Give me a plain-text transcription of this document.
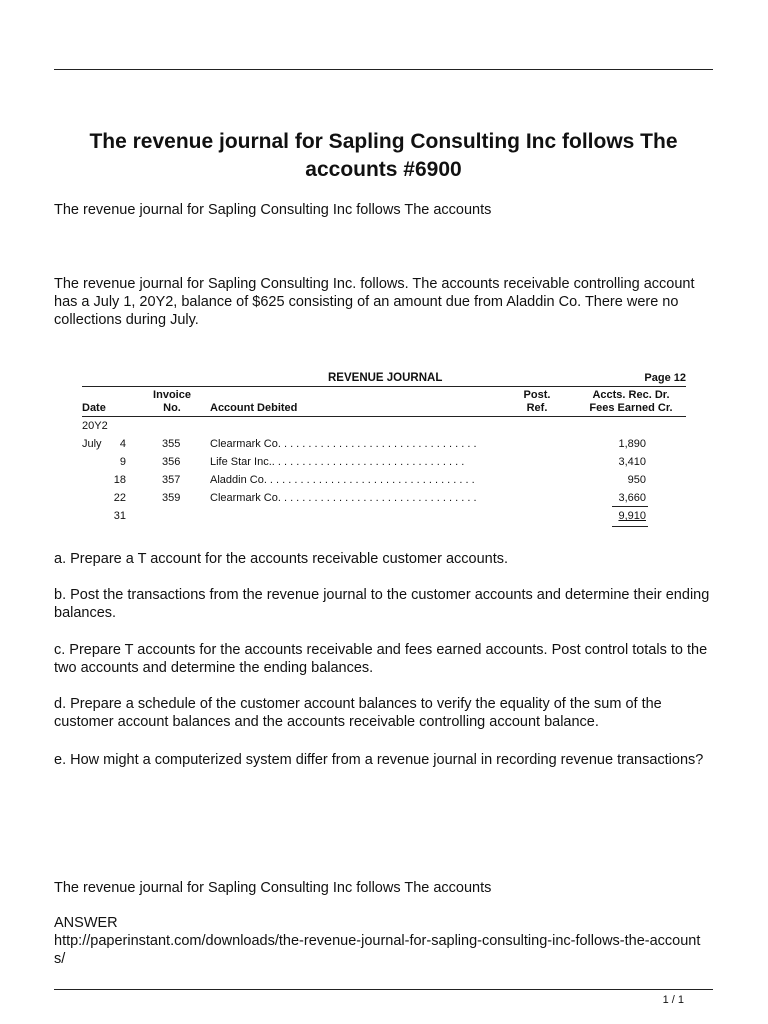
The revenue journal for Sapling Consulting Inc follows The accounts #6900

The revenue journal for Sapling Consulting Inc follows The accounts

The revenue journal for Sapling Consulting Inc. follows. The accounts receivable controlling account has a July 1, 20Y2, balance of $625 consisting of an amount due from Aladdin Co. There were no collections during July.

REVENUE JOURNAL	Page 12
Invoice
No.
Date	Account Debited
Post.
Ref.
Accts. Rec. Dr.
Fees Earned Cr.
20Y2
July	4	355	Clearmark Co. . . . . . . . . . . . . . . . . . . . . . . . . . . . . . . . .	1,890
9	356	Life Star Inc.. . . . . . . . . . . . . . . . . . . . . . . . . . . . . . . .	3,410
18	357	Aladdin Co. . . . . . . . . . . . . . . . . . . . . . . . . . . . . . . . . . .	950
22	359	Clearmark Co. . . . . . . . . . . . . . . . . . . . . . . . . . . . . . . . .	3,660
31	9,910

a. Prepare a T account for the accounts receivable customer accounts.

b. Post the transactions from the revenue journal to the customer accounts and determine their ending balances.

c. Prepare T accounts for the accounts receivable and fees earned accounts. Post control totals to the two accounts and determine the ending balances.

d. Prepare a schedule of the customer account balances to verify the equality of the sum of the customer account balances and the accounts receivable controlling account balance.

e. How might a computerized system differ from a revenue journal in recording revenue transactions?

The revenue journal for Sapling Consulting Inc follows The accounts

ANSWER

http://paperinstant.com/downloads/the-revenue-journal-for-sapling-consulting-inc-follows-the-accounts/

1 / 1
